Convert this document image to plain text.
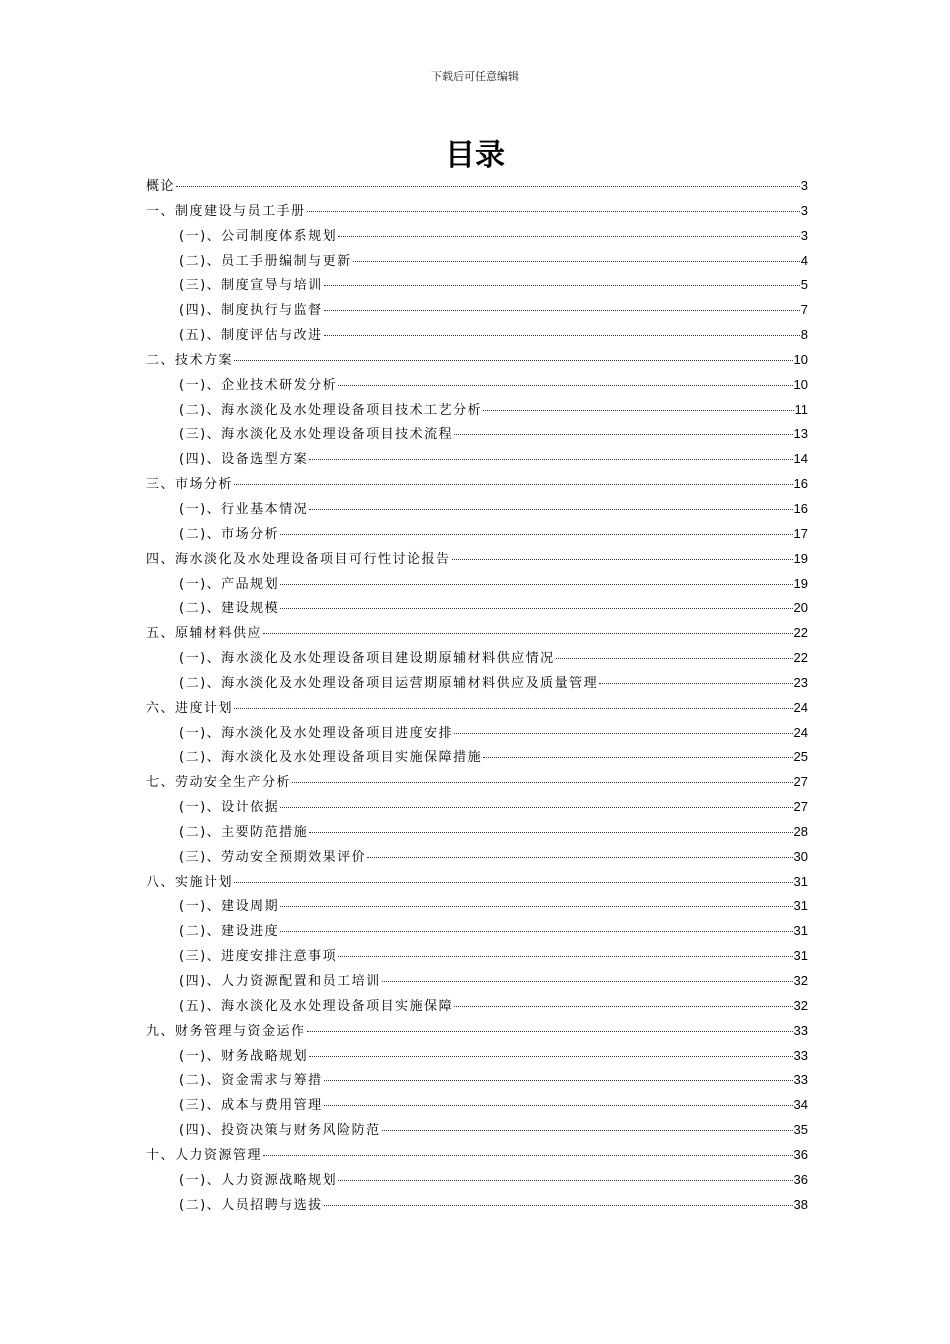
下载后可任意编辑
目录
概论	3
一、制度建设与员工手册	3
(一)、公司制度体系规划	3
(二)、员工手册编制与更新	4
(三)、制度宣导与培训	5
(四)、制度执行与监督	7
(五)、制度评估与改进	8
二、技术方案	10
(一)、企业技术研发分析	10
(二)、海水淡化及水处理设备项目技术工艺分析	11
(三)、海水淡化及水处理设备项目技术流程	13
(四)、设备选型方案	14
三、市场分析	16
(一)、行业基本情况	16
(二)、市场分析	17
四、海水淡化及水处理设备项目可行性讨论报告	19
(一)、产品规划	19
(二)、建设规模	20
五、原辅材料供应	22
(一)、海水淡化及水处理设备项目建设期原辅材料供应情况	22
(二)、海水淡化及水处理设备项目运营期原辅材料供应及质量管理	23
六、进度计划	24
(一)、海水淡化及水处理设备项目进度安排	24
(二)、海水淡化及水处理设备项目实施保障措施	25
七、劳动安全生产分析	27
(一)、设计依据	27
(二)、主要防范措施	28
(三)、劳动安全预期效果评价	30
八、实施计划	31
(一)、建设周期	31
(二)、建设进度	31
(三)、进度安排注意事项	31
(四)、人力资源配置和员工培训	32
(五)、海水淡化及水处理设备项目实施保障	32
九、财务管理与资金运作	33
(一)、财务战略规划	33
(二)、资金需求与筹措	33
(三)、成本与费用管理	34
(四)、投资决策与财务风险防范	35
十、人力资源管理	36
(一)、人力资源战略规划	36
(二)、人员招聘与选拔	38
